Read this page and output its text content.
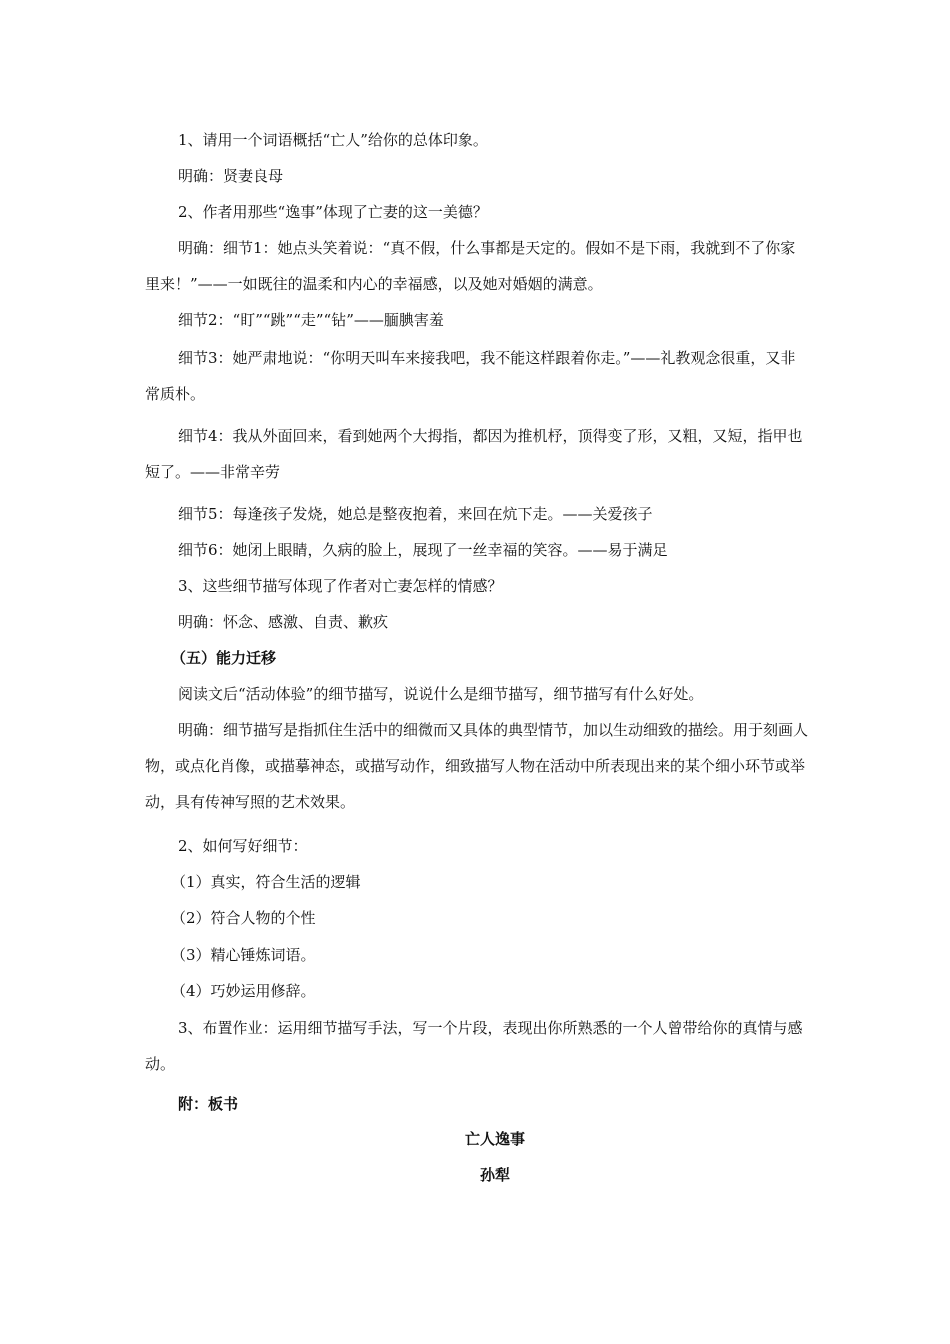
1、请用一个词语概括“亡人”给你的总体印象。

明确：贤妻良母

2、作者用那些“逸事”体现了亡妻的这一美德？

明确：细节1：她点头笑着说：“真不假，什么事都是天定的。假如不是下雨，我就到不了你家里来！”——一如既往的温柔和内心的幸福感，以及她对婚姻的满意。

细节2：“盯”“跳”“走”“钻”——腼腆害羞

细节3：她严肃地说：“你明天叫车来接我吧，我不能这样跟着你走。”——礼教观念很重，又非常质朴。

细节4：我从外面回来，看到她两个大拇指，都因为推机杼，顶得变了形，又粗，又短，指甲也短了。——非常辛劳

细节5：每逢孩子发烧，她总是整夜抱着，来回在炕下走。——关爱孩子

细节6：她闭上眼睛，久病的脸上，展现了一丝幸福的笑容。——易于满足

3、这些细节描写体现了作者对亡妻怎样的情感？

明确：怀念、感激、自责、歉疚

（五）能力迁移

阅读文后“活动体验”的细节描写，说说什么是细节描写，细节描写有什么好处。

明确：细节描写是指抓住生活中的细微而又具体的典型情节，加以生动细致的描绘。用于刻画人物，或点化肖像，或描摹神态，或描写动作，细致描写人物在活动中所表现出来的某个细小环节或举动，具有传神写照的艺术效果。

2、如何写好细节：

（1）真实，符合生活的逻辑

（2）符合人物的个性

（3）精心锤炼词语。

（4）巧妙运用修辞。

3、布置作业：运用细节描写手法，写一个片段，表现出你所熟悉的一个人曾带给你的真情与感动。

附：板书

亡人逸事

孙犁
